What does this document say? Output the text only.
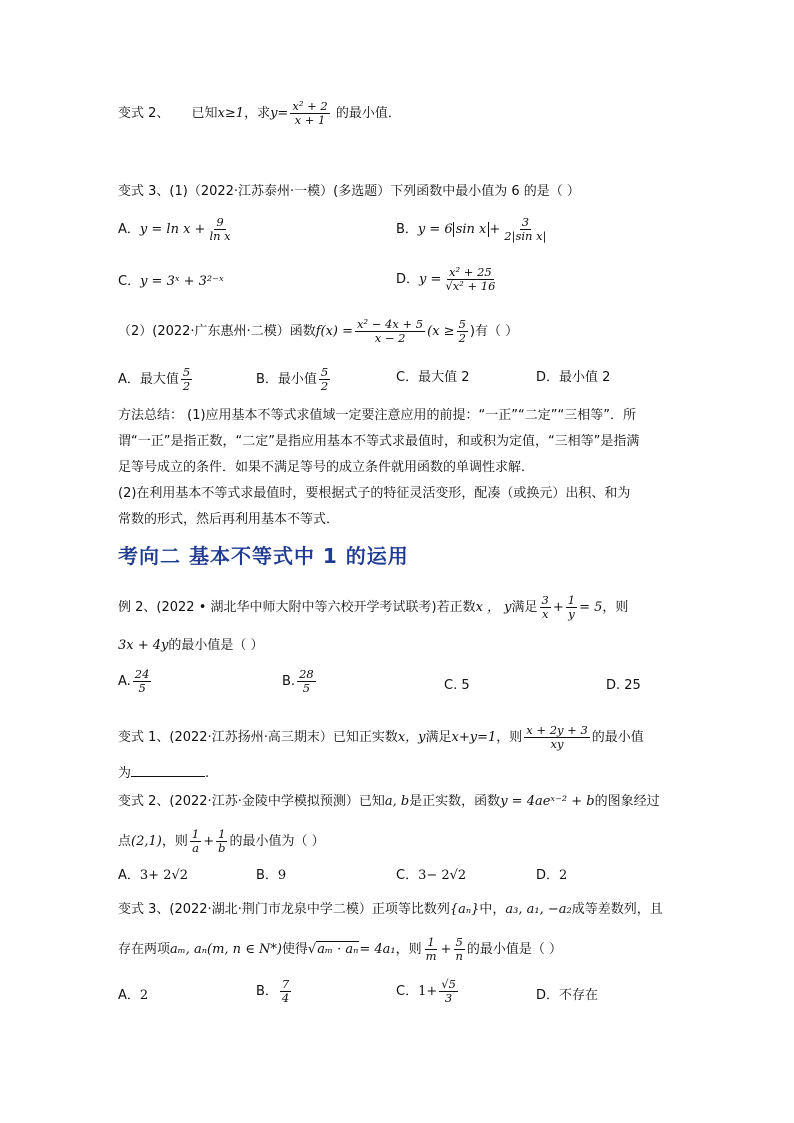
变式 2、 已知x≥1，求$y= \frac{\text{x² + 2}}{x + 1}$ 的最小值．
变式 3、(1)（2022·江苏泰州·一模）(多选题）下列函数中最小值为 6 的是（ ）
A．$y = \ln x + \frac{9}{\text{ln x}}$	B．y = 6 $\sin x + \frac{3}{\text{2|sin x|}}$
C．y = 3ˣ + 3²⁻ˣ	D．$y = \frac{\text{x² + 25}}{\text{√x² + 16}}$
（2）(2022·广东惠州·二模）函数$f(x) = \frac{\text{x² − 4x + 5}}{x - 2} (x \ge \frac{5}{2}$ )有（ ）
A．最大值 $\frac{5}{2}$	B．最小值 $\frac{5}{2}$	C．最大值 2	D．最小值 2
方法总结： (1)应用基本不等式求值域一定要注意应用的前提：“一正”“二定”“三相等”．所
谓“一正”是指正数，“二定”是指应用基本不等式求最值时，和或积为定值，“三相等”是指满
足等号成立的条件．如果不满足等号的成立条件就用函数的单调性求解．
(2)在利用基本不等式求最值时，要根据式子的特征灵活变形，配凑（或换元）出积、和为
常数的形式，然后再利用基本不等式．
考向二 基本不等式中 1 的运用
例 2、(2022 • 湖北华中师大附中等六校开学考试联考)若正数x ， y满足 $\frac{3}{x} + \frac{1}{y} = 5$，则
3x + 4y的最小值是（ ）
A. $\frac{24}{5}$	B. $\frac{28}{5}$	C. 5	D. 25
变式 1、(2022·江苏扬州·高三期末）已知正实数x，y满足x+y=1，则 $\frac{x + 2y + 3}{xy}$ 的最小值
为	.
变式 2、(2022·江苏·金陵中学模拟预测）已知a, b是正实数，函数y = 4aeˣ⁻² + b的图象经过
点(2,1)，则 $\frac{1}{a} + \frac{1}{b}$ 的最小值为（ ）
A．3+ 2√2	B．9	C．3− 2√2	D．2
变式 3、(2022·湖北·荆门市龙泉中学二模）正项等比数列{aₙ}中，a₃, a₁, −a₂成等差数列，且
存在两项aₘ, aₙ(m, n ∈ N*)使得√aₘ · aₙ= 4a₁，则 $\frac{1}{m} + \frac{5}{n}$ 的最小值是（ ）
A．2	B． $\frac{7}{4}$	C．$1+ \frac{√5}{3}$	D．不存在
